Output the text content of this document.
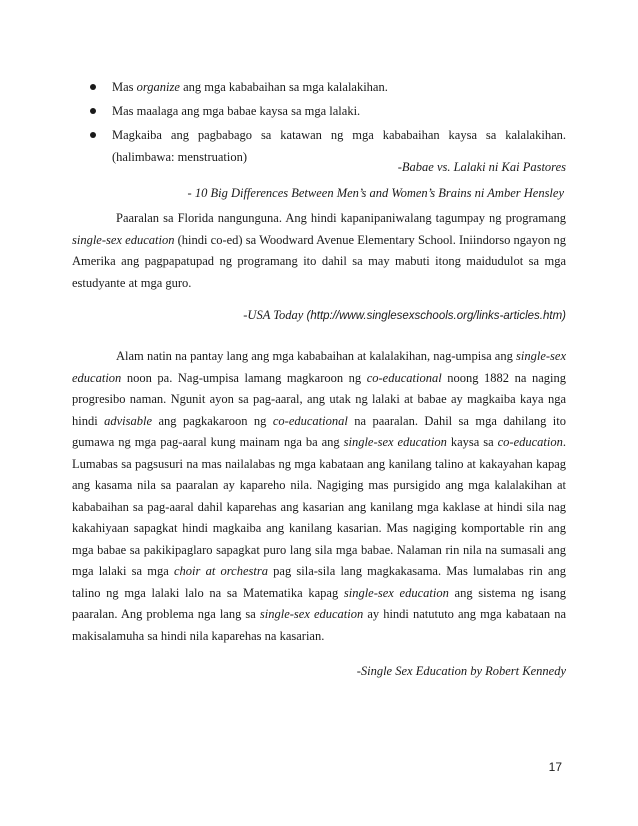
Mas organize ang mga kababaihan sa mga kalalakihan.
Mas maalaga ang mga babae kaysa sa mga lalaki.
Magkaiba ang pagbabago sa katawan ng mga kababaihan kaysa sa kalalakihan. (halimbawa: menstruation)
-Babae vs. Lalaki ni Kai Pastores
- 10 Big Differences Between Men’s and Women’s Brains ni Amber Hensley
Paaralan sa Florida nangunguna. Ang hindi kapanipaniwalang tagumpay ng programang single-sex education (hindi co-ed) sa Woodward Avenue Elementary School. Iniindorso ngayon ng Amerika ang pagpapatupad ng programang ito dahil sa may mabuti itong maidudulot sa mga estudyante at mga guro.
-USA Today (http://www.singlesexschools.org/links-articles.htm)
Alam natin na pantay lang ang mga kababaihan at kalalakihan, nag-umpisa ang single-sex education noon pa. Nag-umpisa lamang magkaroon ng co-educational noong 1882 na naging progresibo naman. Ngunit ayon sa pag-aaral, ang utak ng lalaki at babae ay magkaiba kaya nga hindi advisable ang pagkakaroon ng co-educational na paaralan. Dahil sa mga dahilang ito gumawa ng mga pag-aaral kung mainam nga ba ang single-sex education kaysa sa co-education. Lumabas sa pagsusuri na mas nailalabas ng mga kabataan ang kanilang talino at kakayahan kapag ang kasama nila sa paaralan ay kapareho nila. Nagiging mas pursigido ang mga kalalakihan at kababaihan sa pag-aaral dahil kaparehas ang kasarian ang kanilang mga kaklase at hindi sila nag kakahiyaan sapagkat hindi magkaiba ang kanilang kasarian. Mas nagiging komportable rin ang mga babae sa pakikipaglaro sapagkat puro lang sila mga babae. Nalaman rin nila na sumasali ang mga lalaki sa mga choir at orchestra pag sila-sila lang magkakasama. Mas lumalabas rin ang talino ng mga lalaki lalo na sa Matematika kapag single-sex education ang sistema ng isang paaralan. Ang problema nga lang sa single-sex education ay hindi natututo ang mga kabataan na makisalamuha sa hindi nila kaparehas na kasarian.
-Single Sex Education by Robert Kennedy
17
